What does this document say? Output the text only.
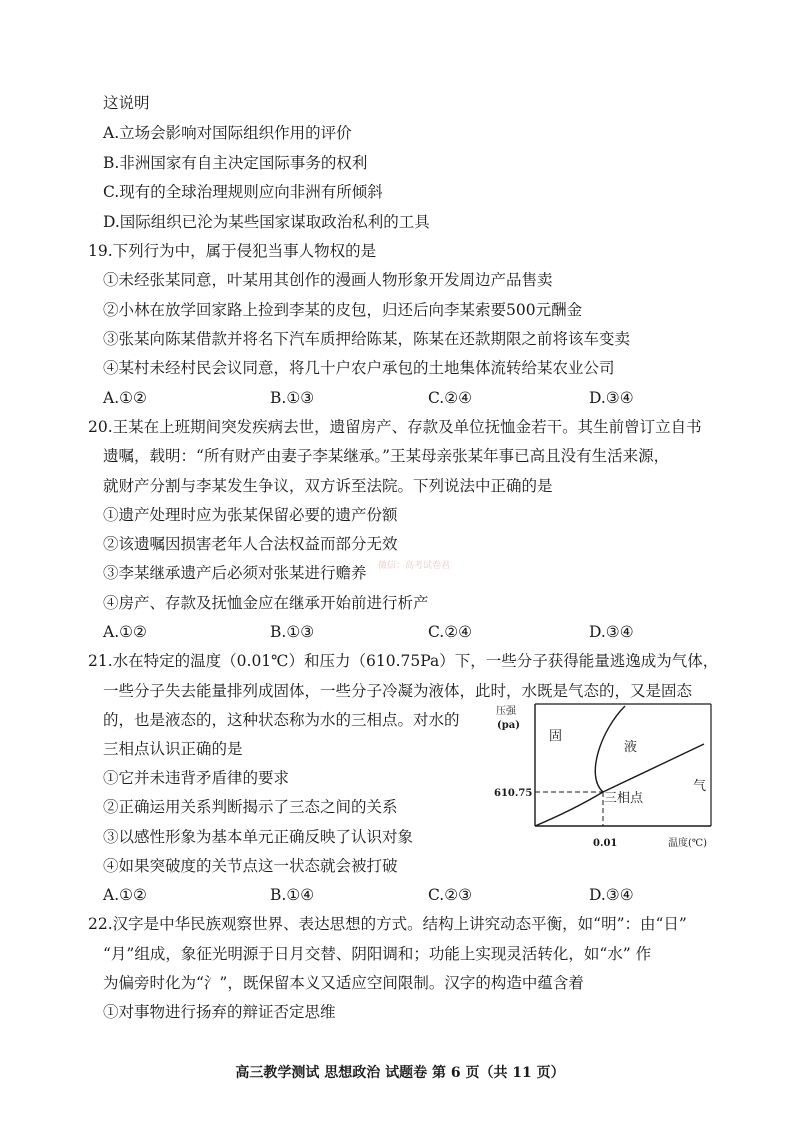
这说明
A.立场会影响对国际组织作用的评价
B.非洲国家有自主决定国际事务的权利
C.现有的全球治理规则应向非洲有所倾斜
D.国际组织已沦为某些国家谋取政治私利的工具
19.下列行为中，属于侵犯当事人物权的是
①未经张某同意，叶某用其创作的漫画人物形象开发周边产品售卖
②小林在放学回家路上捡到李某的皮包，归还后向李某索要500元酬金
③张某向陈某借款并将名下汽车质押给陈某，陈某在还款期限之前将该车变卖
④某村未经村民会议同意，将几十户农户承包的土地集体流转给某农业公司
A.①②	B.①③	C.②④	D.③④
20.王某在上班期间突发疾病去世，遗留房产、存款及单位抚恤金若干。其生前曾订立自书
遗嘱，载明：“所有财产由妻子李某继承。”王某母亲张某年事已高且没有生活来源，
就财产分割与李某发生争议，双方诉至法院。下列说法中正确的是
①遗产处理时应为张某保留必要的遗产份额
②该遗嘱因损害老年人合法权益而部分无效
③李某继承遗产后必须对张某进行赡养 微信：高考试卷君
④房产、存款及抚恤金应在继承开始前进行析产
A.①②	B.①③	C.②④	D.③④
21.水在特定的温度（0.01℃）和压力（610.75Pa）下，一些分子获得能量逃逸成为气体，
一些分子失去能量排列成固体，一些分子冷凝为液体，此时，水既是气态的，又是固态
的，也是液态的，这种状态称为水的三相点。对水的
三相点认识正确的是
①它并未违背矛盾律的要求
②正确运用关系判断揭示了三态之间的关系
③以感性形象为基本单元正确反映了认识对象
④如果突破度的关节点这一状态就会被打破
A.①②	B.①④	C.②③	D.③④
压强
(pa)
固
液
气
三相点
610.75
0.01	温度(℃)
22.汉字是中华民族观察世界、表达思想的方式。结构上讲究动态平衡，如“明”：由“日”
“月”组成，象征光明源于日月交替、阴阳调和；功能上实现灵活转化，如“水” 作
为偏旁时化为“氵”，既保留本义又适应空间限制。汉字的构造中蕴含着
①对事物进行扬弃的辩证否定思维
高三教学测试 思想政治 试题卷 第 6 页（共 11 页）
